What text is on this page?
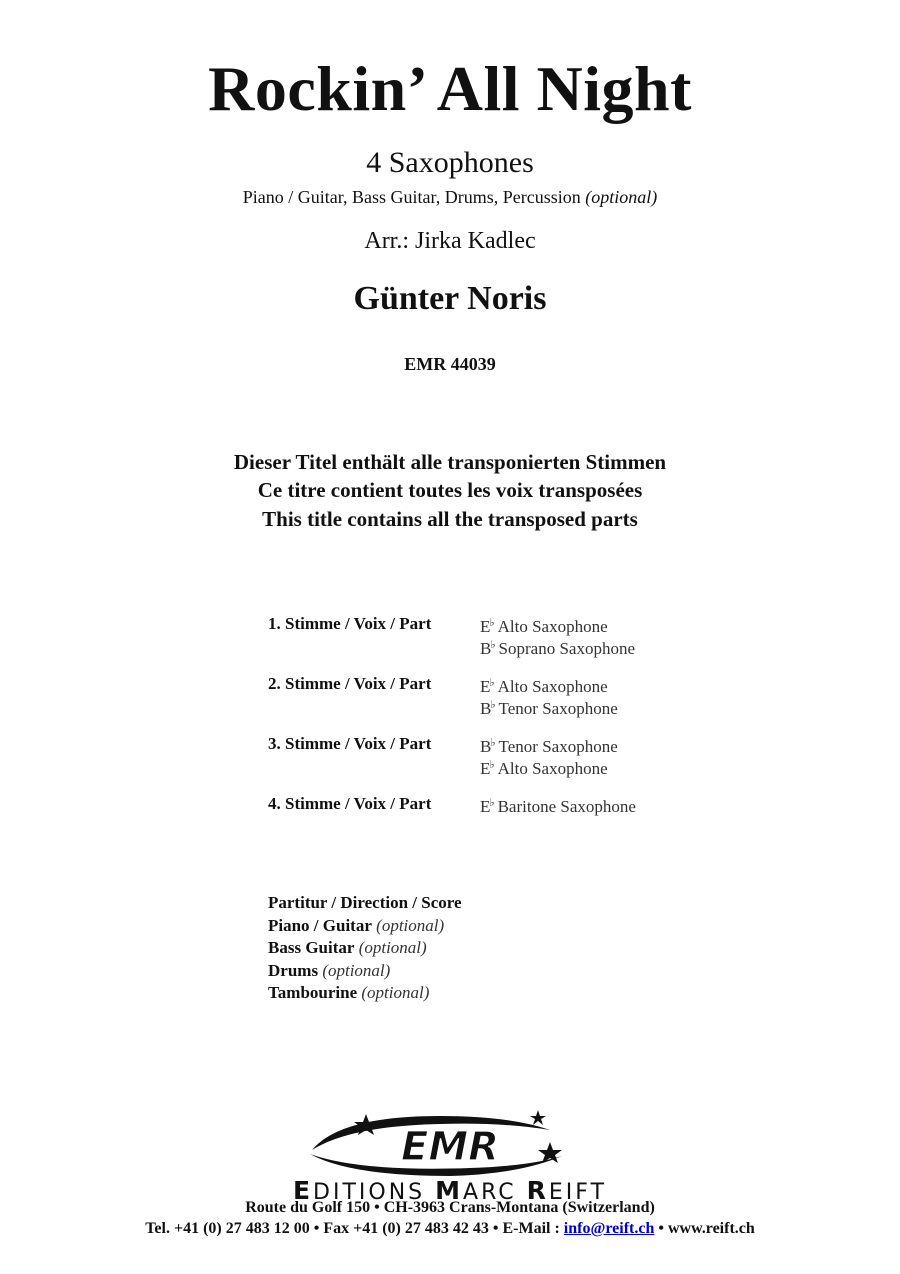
Rockin’ All Night
4 Saxophones
Piano / Guitar, Bass Guitar, Drums, Percussion (optional)
Arr.: Jirka Kadlec
Günter Noris
EMR 44039
Dieser Titel enthält alle transponierten Stimmen
Ce titre contient toutes les voix transposées
This title contains all the transposed parts
1. Stimme / Voix / Part	E♭ Alto Saxophone
B♭ Soprano Saxophone
2. Stimme / Voix / Part	E♭ Alto Saxophone
B♭ Tenor Saxophone
3. Stimme / Voix / Part	B♭ Tenor Saxophone
E♭ Alto Saxophone
4. Stimme / Voix / Part	E♭ Baritone Saxophone
Partitur / Direction / Score
Piano / Guitar (optional)
Bass Guitar (optional)
Drums (optional)
Tambourine (optional)
EMR
EDITIONS MARC REIFT
Route du Golf 150 • CH-3963 Crans-Montana (Switzerland)
Tel. +41 (0) 27 483 12 00 • Fax +41 (0) 27 483 42 43 • E-Mail : info@reift.ch • www.reift.ch
